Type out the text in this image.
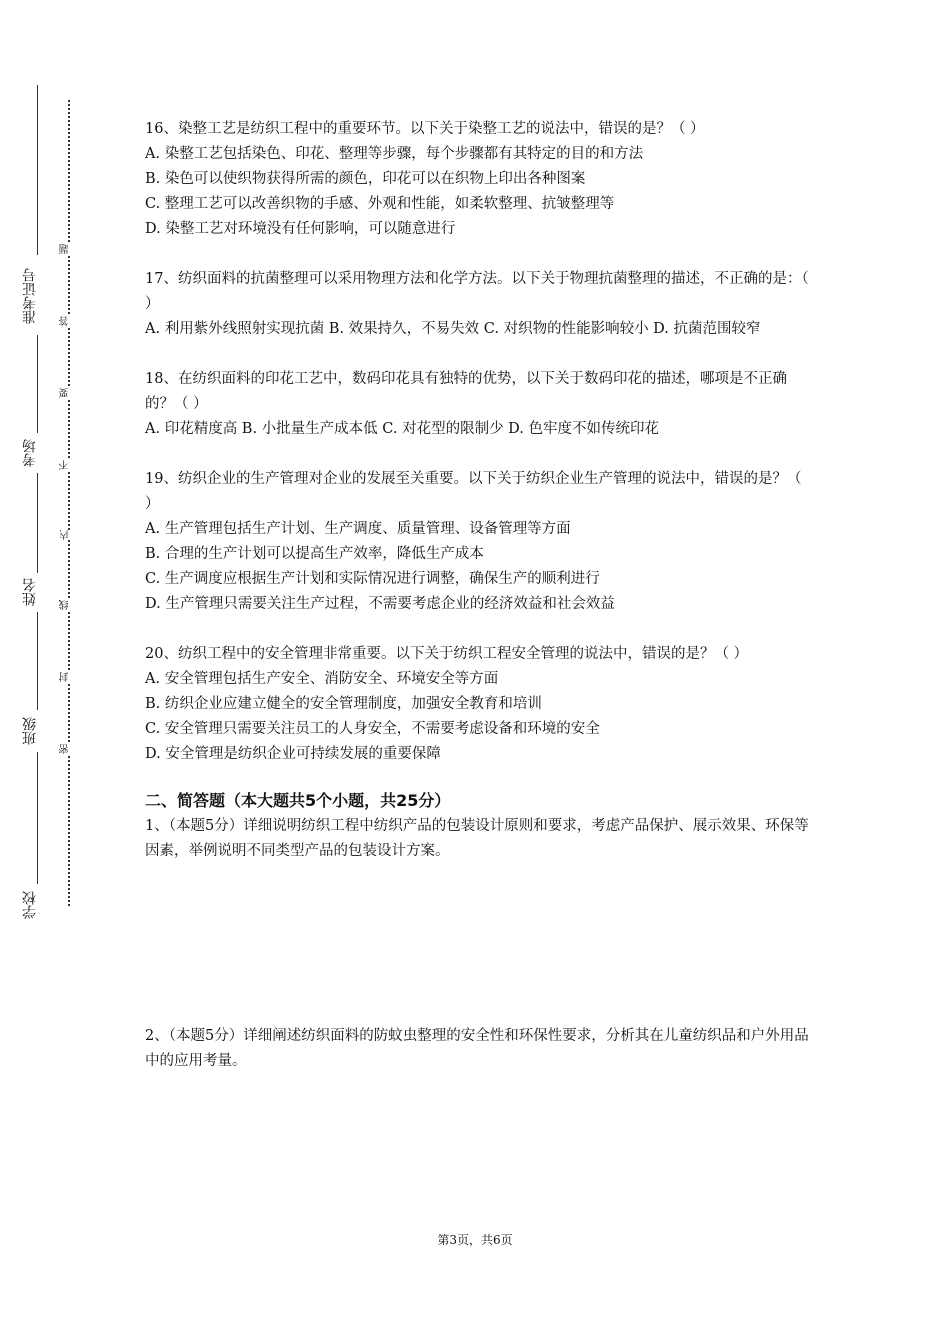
准考证号
考场
姓名
班级
学校
密
封
线
内
不
要
答
题

16、染整工艺是纺织工程中的重要环节。以下关于染整工艺的说法中，错误的是？（ ）

A. 染整工艺包括染色、印花、整理等步骤，每个步骤都有其特定的目的和方法

B. 染色可以使织物获得所需的颜色，印花可以在织物上印出各种图案

C. 整理工艺可以改善织物的手感、外观和性能，如柔软整理、抗皱整理等

D. 染整工艺对环境没有任何影响，可以随意进行

17、纺织面料的抗菌整理可以采用物理方法和化学方法。以下关于物理抗菌整理的描述，不正确的是：（ ）

A. 利用紫外线照射实现抗菌 B. 效果持久，不易失效 C. 对织物的性能影响较小 D. 抗菌范围较窄

18、在纺织面料的印花工艺中，数码印花具有独特的优势，以下关于数码印花的描述，哪项是不正确的？（ ）

A. 印花精度高 B. 小批量生产成本低 C. 对花型的限制少 D. 色牢度不如传统印花

19、纺织企业的生产管理对企业的发展至关重要。以下关于纺织企业生产管理的说法中，错误的是？（ ）

A. 生产管理包括生产计划、生产调度、质量管理、设备管理等方面

B. 合理的生产计划可以提高生产效率，降低生产成本

C. 生产调度应根据生产计划和实际情况进行调整，确保生产的顺利进行

D. 生产管理只需要关注生产过程，不需要考虑企业的经济效益和社会效益

20、纺织工程中的安全管理非常重要。以下关于纺织工程安全管理的说法中，错误的是？（ ）

A. 安全管理包括生产安全、消防安全、环境安全等方面

B. 纺织企业应建立健全的安全管理制度，加强安全教育和培训

C. 安全管理只需要关注员工的人身安全，不需要考虑设备和环境的安全

D. 安全管理是纺织企业可持续发展的重要保障

二、简答题（本大题共5个小题，共25分）

1、（本题5分）详细说明纺织工程中纺织产品的包装设计原则和要求，考虑产品保护、展示效果、环保等因素，举例说明不同类型产品的包装设计方案。

2、（本题5分）详细阐述纺织面料的防蚊虫整理的安全性和环保性要求，分析其在儿童纺织品和户外用品中的应用考量。

第3页，共6页
